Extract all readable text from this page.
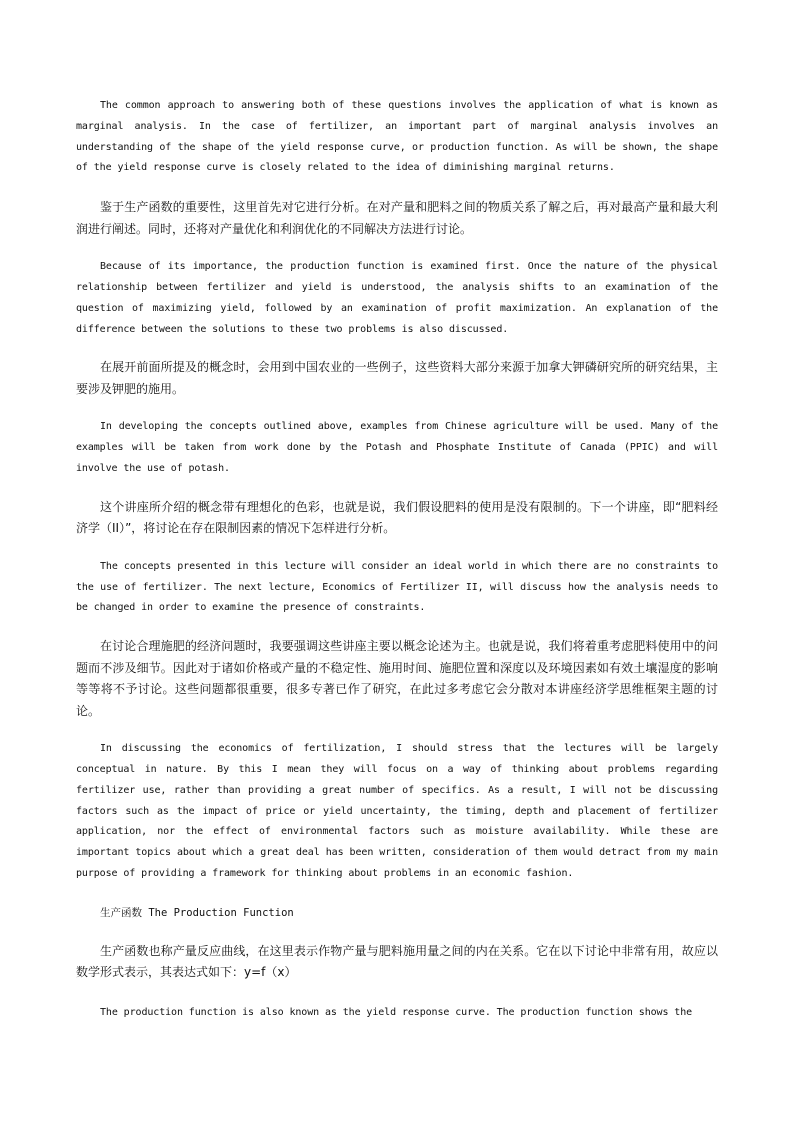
The common approach to answering both of these questions involves the application of what is known as marginal analysis. In the case of fertilizer, an important part of marginal analysis involves an understanding of the shape of the yield response curve, or production function. As will be shown, the shape of the yield response curve is closely related to the idea of diminishing marginal returns.

鉴于生产函数的重要性，这里首先对它进行分析。在对产量和肥料之间的物质关系了解之后，再对最高产量和最大利润进行阐述。同时，还将对产量优化和利润优化的不同解决方法进行讨论。

Because of its importance, the production function is examined first. Once the nature of the physical relationship between fertilizer and yield is understood, the analysis shifts to an examination of the question of maximizing yield, followed by an examination of profit maximization. An explanation of the difference between the solutions to these two problems is also discussed.

在展开前面所提及的概念时，会用到中国农业的一些例子，这些资料大部分来源于加拿大钾磷研究所的研究结果，主要涉及钾肥的施用。

In developing the concepts outlined above, examples from Chinese agriculture will be used. Many of the examples will be taken from work done by the Potash and Phosphate Institute of Canada (PPIC) and will involve the use of potash.

这个讲座所介绍的概念带有理想化的色彩，也就是说，我们假设肥料的使用是没有限制的。下一个讲座，即“肥料经济学（II）”，将讨论在存在限制因素的情况下怎样进行分析。

The concepts presented in this lecture will consider an ideal world in which there are no constraints to the use of fertilizer. The next lecture, Economics of Fertilizer II, will discuss how the analysis needs to be changed in order to examine the presence of constraints.

在讨论合理施肥的经济问题时，我要强调这些讲座主要以概念论述为主。也就是说，我们将着重考虑肥料使用中的问题而不涉及细节。因此对于诸如价格或产量的不稳定性、施用时间、施肥位置和深度以及环境因素如有效土壤湿度的影响等等将不予讨论。这些问题都很重要，很多专著已作了研究，在此过多考虑它会分散对本讲座经济学思维框架主题的讨论。

In discussing the economics of fertilization, I should stress that the lectures will be largely conceptual in nature. By this I mean they will focus on a way of thinking about problems regarding fertilizer use, rather than providing a great number of specifics. As a result, I will not be discussing factors such as the impact of price or yield uncertainty, the timing, depth and placement of fertilizer application, nor the effect of environmental factors such as moisture availability. While these are important topics about which a great deal has been written, consideration of them would detract from my main purpose of providing a framework for thinking about problems in an economic fashion.

生产函数 The Production Function

生产函数也称产量反应曲线，在这里表示作物产量与肥料施用量之间的内在关系。它在以下讨论中非常有用，故应以数学形式表示，其表达式如下：y=f（x）

The production function is also known as the yield response curve. The production function shows the
